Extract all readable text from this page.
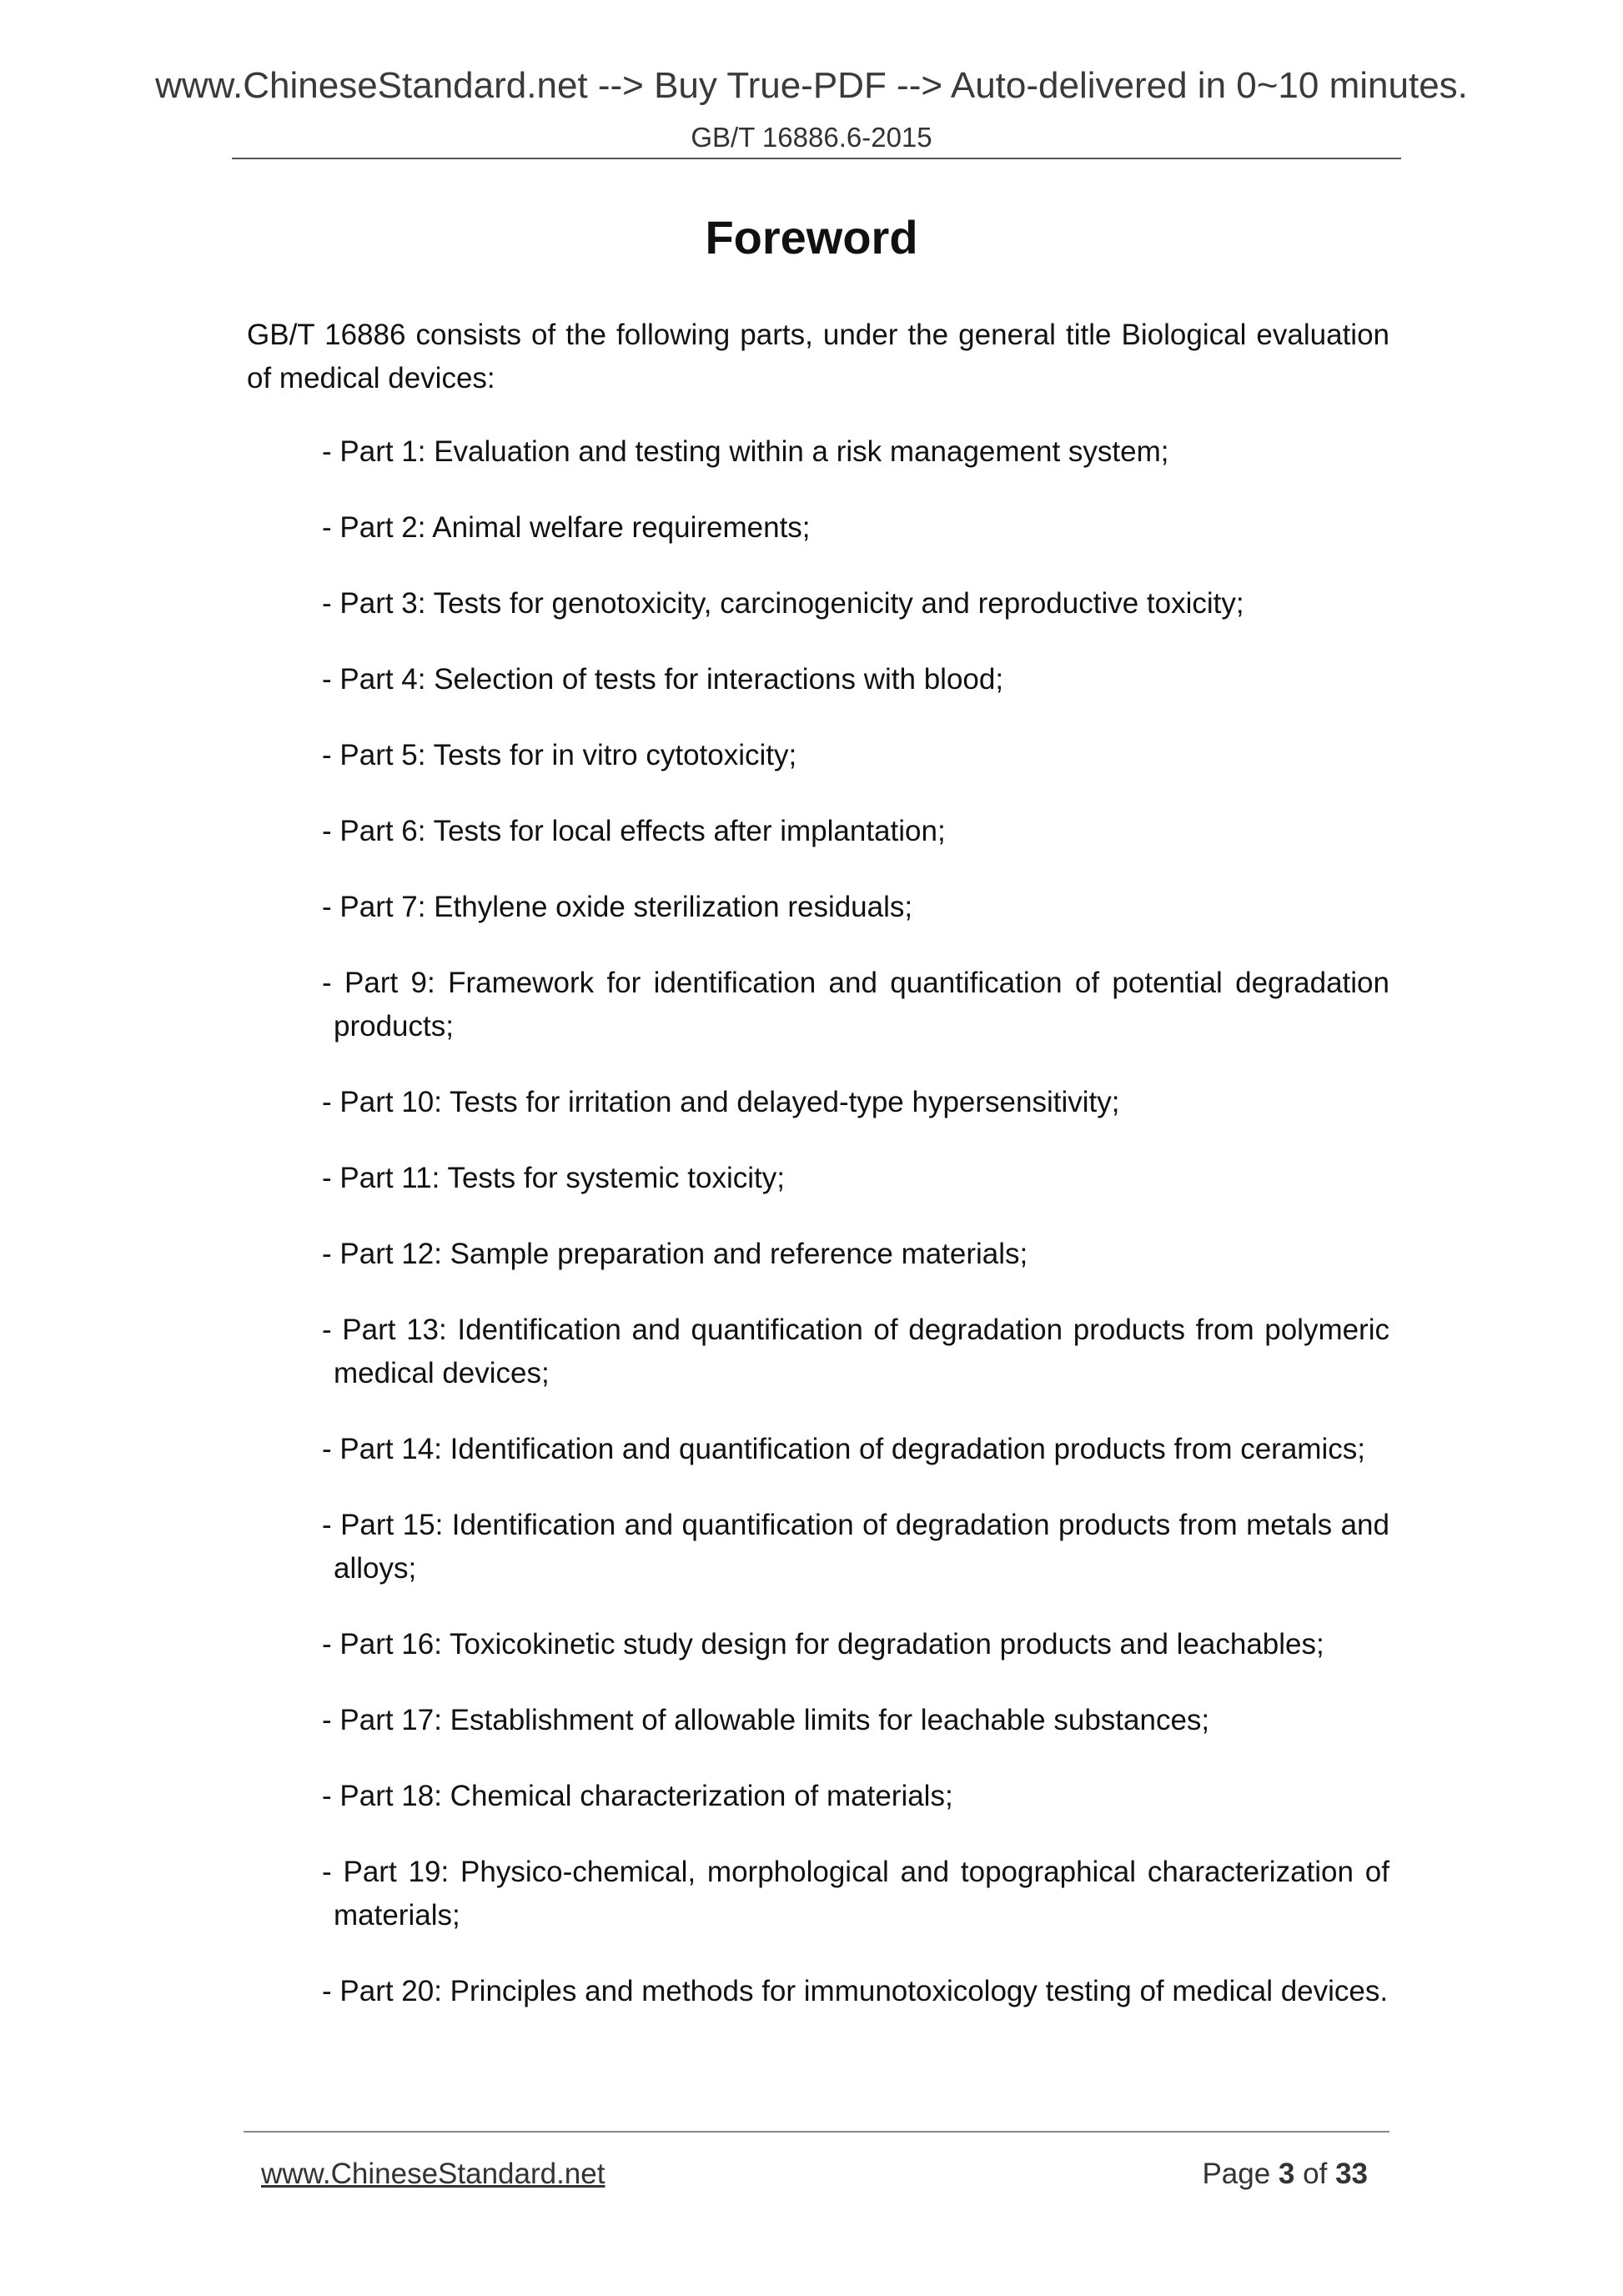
www.ChineseStandard.net --> Buy True-PDF --> Auto-delivered in 0~10 minutes.
GB/T 16886.6-2015
Foreword
GB/T 16886 consists of the following parts, under the general title Biological evaluation of medical devices:
- Part 1: Evaluation and testing within a risk management system;
- Part 2: Animal welfare requirements;
- Part 3: Tests for genotoxicity, carcinogenicity and reproductive toxicity;
- Part 4: Selection of tests for interactions with blood;
- Part 5: Tests for in vitro cytotoxicity;
- Part 6: Tests for local effects after implantation;
- Part 7: Ethylene oxide sterilization residuals;
- Part 9: Framework for identification and quantification of potential degradation products;
- Part 10: Tests for irritation and delayed-type hypersensitivity;
- Part 11: Tests for systemic toxicity;
- Part 12: Sample preparation and reference materials;
- Part 13: Identification and quantification of degradation products from polymeric medical devices;
- Part 14: Identification and quantification of degradation products from ceramics;
- Part 15: Identification and quantification of degradation products from metals and alloys;
- Part 16: Toxicokinetic study design for degradation products and leachables;
- Part 17: Establishment of allowable limits for leachable substances;
- Part 18: Chemical characterization of materials;
- Part 19: Physico-chemical, morphological and topographical characterization of materials;
- Part 20: Principles and methods for immunotoxicology testing of medical devices.
www.ChineseStandard.net	Page 3 of 33
